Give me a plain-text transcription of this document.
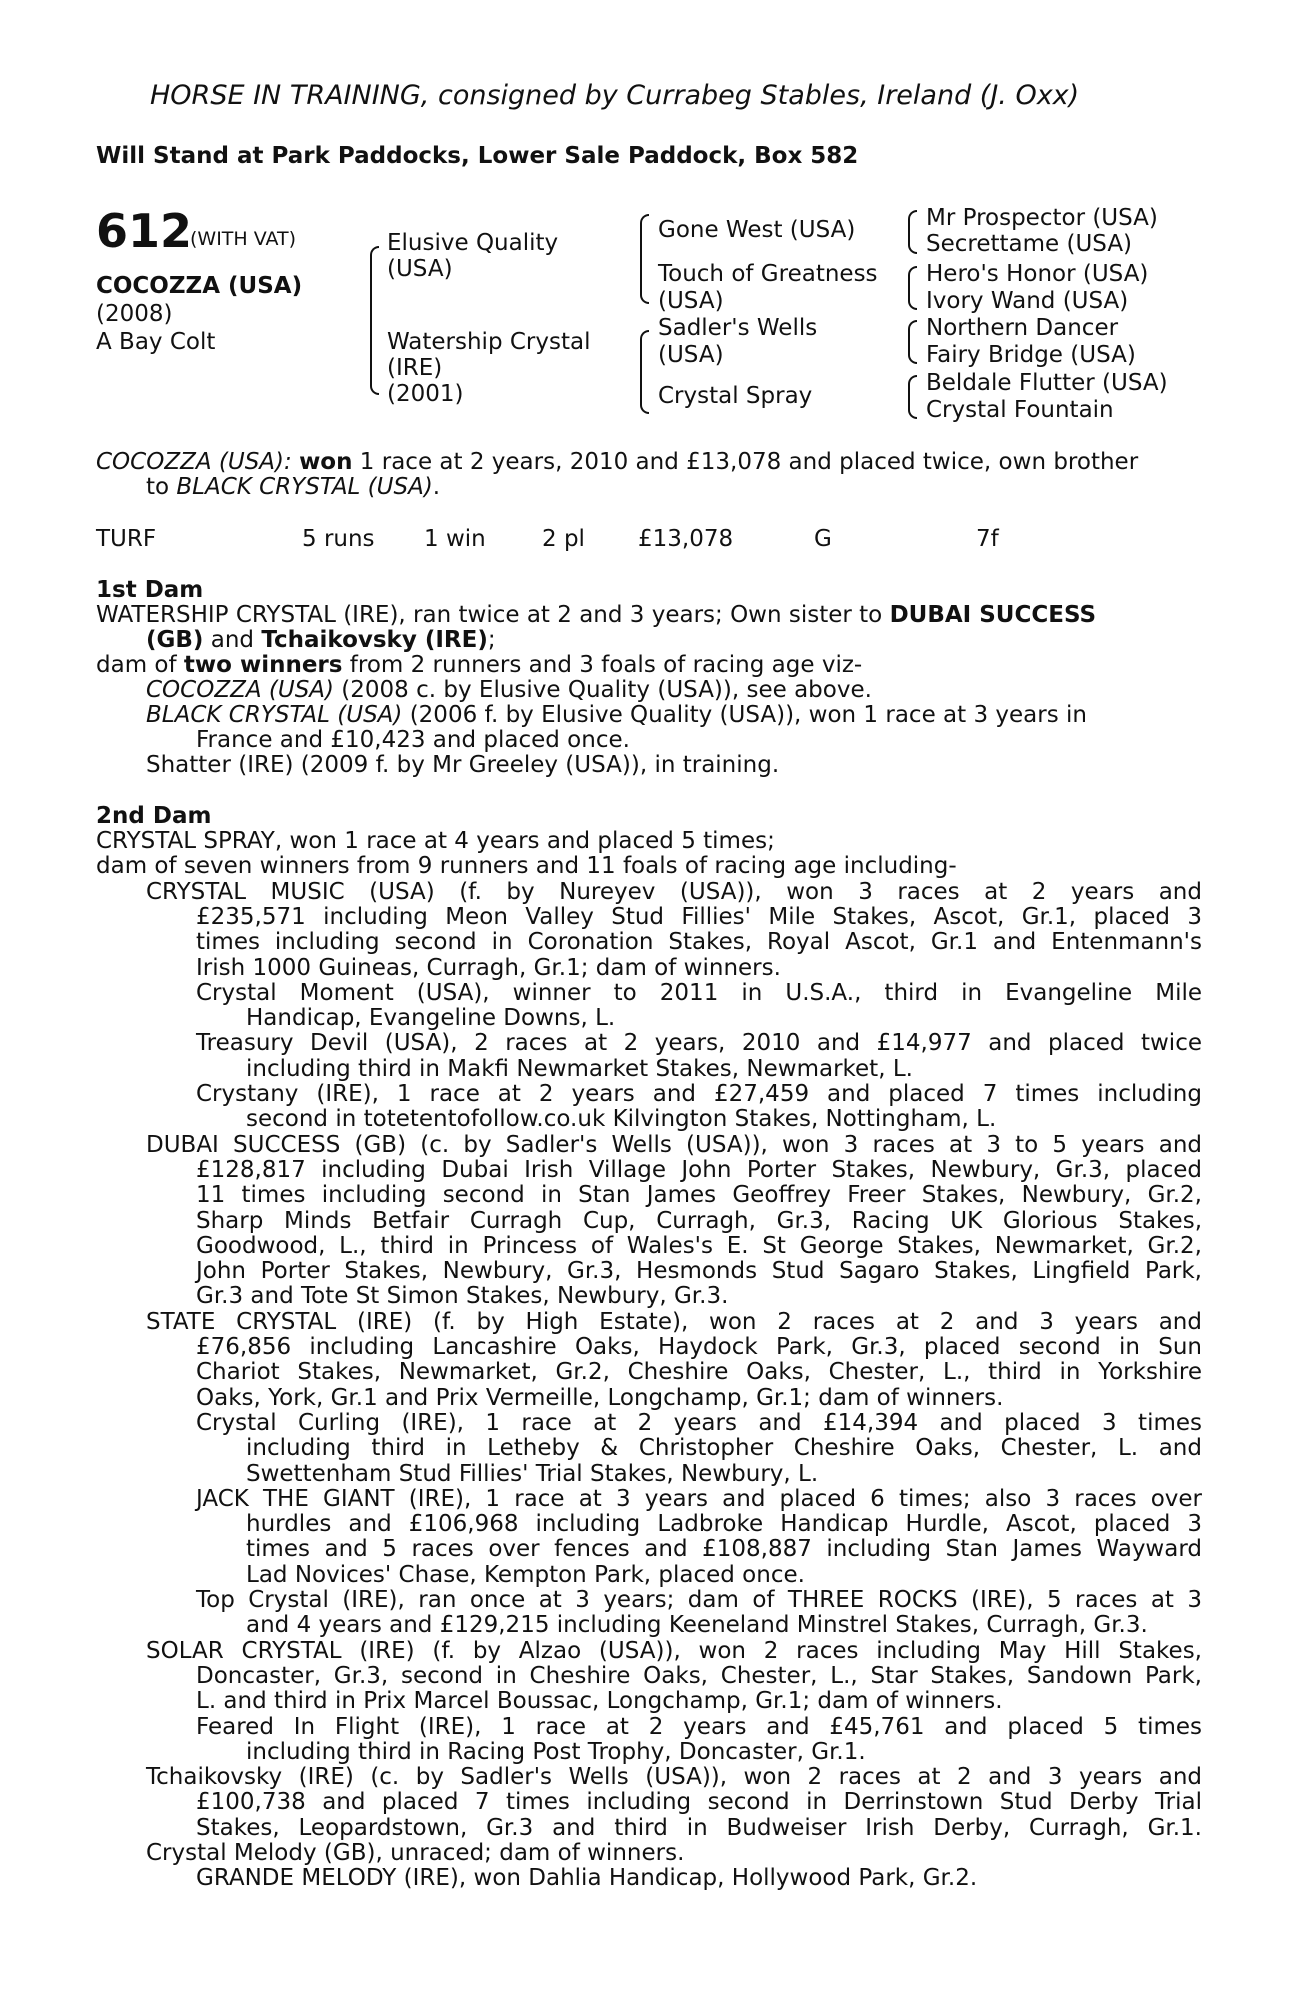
HORSE IN TRAINING, consigned by Currabeg Stables, Ireland (J. Oxx)
Will Stand at Park Paddocks, Lower Sale Paddock, Box 582
612
(WITH VAT)
COCOZZA (USA)
(2008)
A Bay Colt
Elusive Quality
(USA)
Watership Crystal
(IRE)
(2001)
Gone West (USA)
Touch of Greatness
(USA)
Sadler's Wells
(USA)
Crystal Spray
Mr Prospector (USA)
Secrettame (USA)
Hero's Honor (USA)
Ivory Wand (USA)
Northern Dancer
Fairy Bridge (USA)
Beldale Flutter (USA)
Crystal Fountain
COCOZZA (USA): won 1 race at 2 years, 2010 and £13,078 and placed twice, own brother
to BLACK CRYSTAL (USA).
TURF	5 runs 1 win 2 pl £13,078	G	7f
1st Dam
WATERSHIP CRYSTAL (IRE), ran twice at 2 and 3 years; Own sister to DUBAI SUCCESS
(GB) and Tchaikovsky (IRE);
dam of two winners from 2 runners and 3 foals of racing age viz-
COCOZZA (USA) (2008 c. by Elusive Quality (USA)), see above.
BLACK CRYSTAL (USA) (2006 f. by Elusive Quality (USA)), won 1 race at 3 years in
France and £10,423 and placed once.
Shatter (IRE) (2009 f. by Mr Greeley (USA)), in training.
2nd Dam
CRYSTAL SPRAY, won 1 race at 4 years and placed 5 times;
dam of seven winners from 9 runners and 11 foals of racing age including-
CRYSTAL MUSIC (USA) (f. by Nureyev (USA)), won 3 races at 2 years and
£235,571 including Meon Valley Stud Fillies' Mile Stakes, Ascot, Gr.1, placed 3
times including second in Coronation Stakes, Royal Ascot, Gr.1 and Entenmann's
Irish 1000 Guineas, Curragh, Gr.1; dam of winners.
Crystal Moment (USA), winner to 2011 in U.S.A., third in Evangeline Mile
Handicap, Evangeline Downs, L.
Treasury Devil (USA), 2 races at 2 years, 2010 and £14,977 and placed twice
including third in Makfi Newmarket Stakes, Newmarket, L.
Crystany (IRE), 1 race at 2 years and £27,459 and placed 7 times including
second in totetentofollow.co.uk Kilvington Stakes, Nottingham, L.
DUBAI SUCCESS (GB) (c. by Sadler's Wells (USA)), won 3 races at 3 to 5 years and
£128,817 including Dubai Irish Village John Porter Stakes, Newbury, Gr.3, placed
11 times including second in Stan James Geoffrey Freer Stakes, Newbury, Gr.2,
Sharp Minds Betfair Curragh Cup, Curragh, Gr.3, Racing UK Glorious Stakes,
Goodwood, L., third in Princess of Wales's E. St George Stakes, Newmarket, Gr.2,
John Porter Stakes, Newbury, Gr.3, Hesmonds Stud Sagaro Stakes, Lingfield Park,
Gr.3 and Tote St Simon Stakes, Newbury, Gr.3.
STATE CRYSTAL (IRE) (f. by High Estate), won 2 races at 2 and 3 years and
£76,856 including Lancashire Oaks, Haydock Park, Gr.3, placed second in Sun
Chariot Stakes, Newmarket, Gr.2, Cheshire Oaks, Chester, L., third in Yorkshire
Oaks, York, Gr.1 and Prix Vermeille, Longchamp, Gr.1; dam of winners.
Crystal Curling (IRE), 1 race at 2 years and £14,394 and placed 3 times
including third in Letheby & Christopher Cheshire Oaks, Chester, L. and
Swettenham Stud Fillies' Trial Stakes, Newbury, L.
JACK THE GIANT (IRE), 1 race at 3 years and placed 6 times; also 3 races over
hurdles and £106,968 including Ladbroke Handicap Hurdle, Ascot, placed 3
times and 5 races over fences and £108,887 including Stan James Wayward
Lad Novices' Chase, Kempton Park, placed once.
Top Crystal (IRE), ran once at 3 years; dam of THREE ROCKS (IRE), 5 races at 3
and 4 years and £129,215 including Keeneland Minstrel Stakes, Curragh, Gr.3.
SOLAR CRYSTAL (IRE) (f. by Alzao (USA)), won 2 races including May Hill Stakes,
Doncaster, Gr.3, second in Cheshire Oaks, Chester, L., Star Stakes, Sandown Park,
L. and third in Prix Marcel Boussac, Longchamp, Gr.1; dam of winners.
Feared In Flight (IRE), 1 race at 2 years and £45,761 and placed 5 times
including third in Racing Post Trophy, Doncaster, Gr.1.
Tchaikovsky (IRE) (c. by Sadler's Wells (USA)), won 2 races at 2 and 3 years and
£100,738 and placed 7 times including second in Derrinstown Stud Derby Trial
Stakes, Leopardstown, Gr.3 and third in Budweiser Irish Derby, Curragh, Gr.1.
Crystal Melody (GB), unraced; dam of winners.
GRANDE MELODY (IRE), won Dahlia Handicap, Hollywood Park, Gr.2.
